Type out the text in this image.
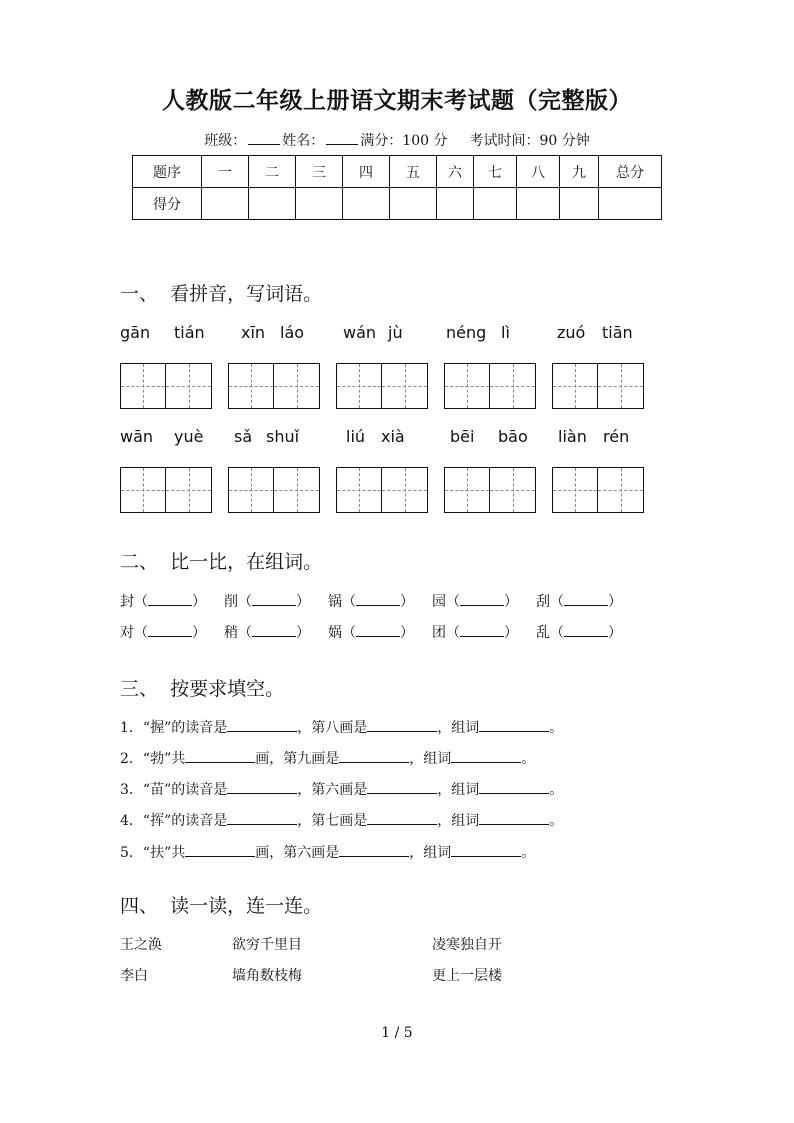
人教版二年级上册语文期末考试题（完整版）
班级：	姓名：	满分：100 分 考试时间：90 分钟
题序	一	二	三	四	五	六	七	八	九	总分
得分										
一、 看拼音，写词语。
gān tián xīn láo wán jù	néng lì	zuó tiān
wān yuè sǎ shuǐ	liú xià	bēi bāo liàn rén
二、 比一比，在组词。
封（	） 削（	） 锅（	） 园（	） 刮（	）
对（	） 稍（	） 娲（	） 团（	） 乱（	）
三、 按要求填空。
1．“握”的读音是	，第八画是	，组词	。
2．“勃”共	画，第九画是	，组词	。
3．“苗”的读音是	，第六画是	，组词	。
4．“挥”的读音是	，第七画是	，组词	。
5．“扶”共	画，第六画是	，组词	。
四、 读一读，连一连。
王之涣	欲穷千里目	凌寒独自开
李白	墙角数枝梅	更上一层楼
1 / 5
